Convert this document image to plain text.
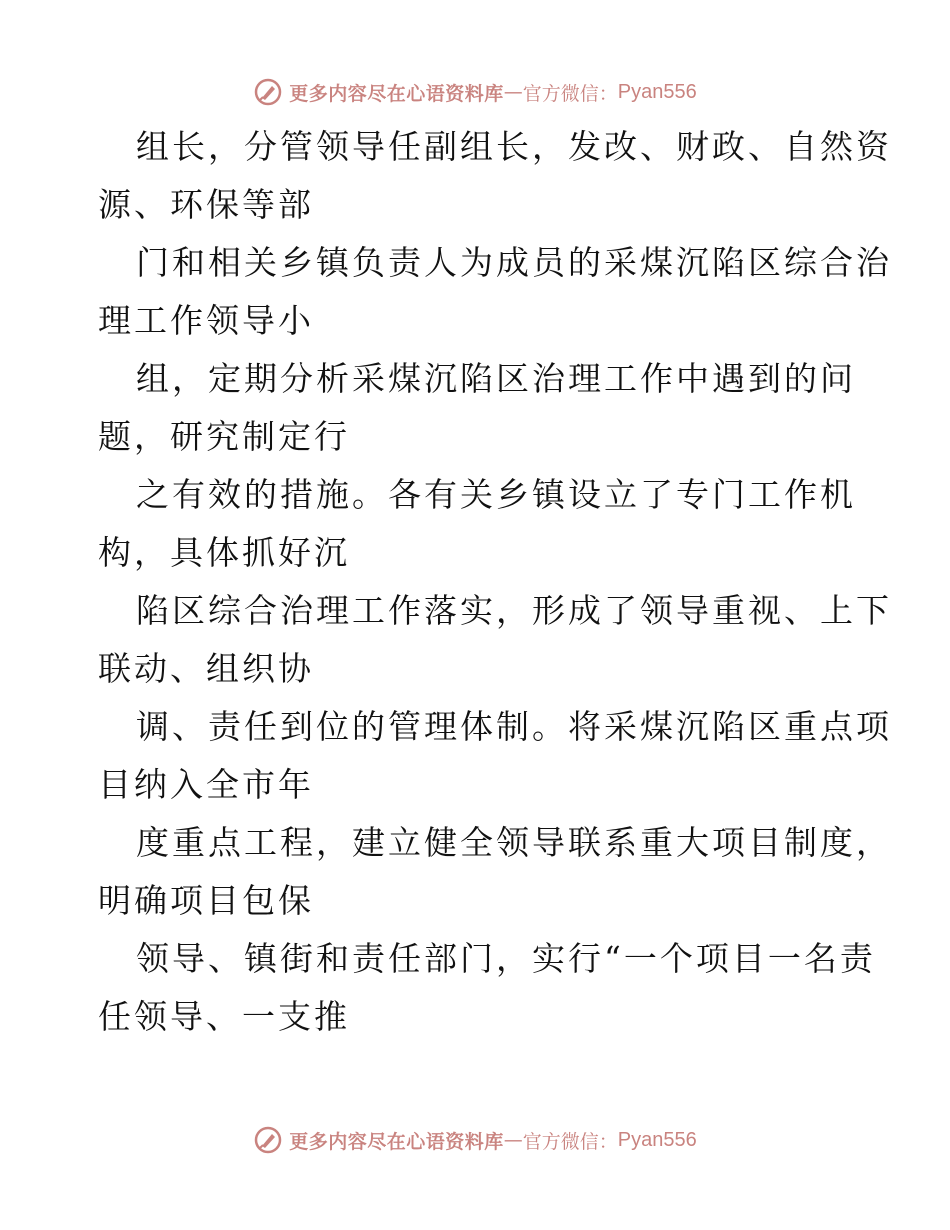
更多内容尽在心语资料库 — 官方微信： Pyan556
组长，分管领导任副组长，发改、财政、自然资
源、环保等部
门和相关乡镇负责人为成员的采煤沉陷区综合治
理工作领导小
组，定期分析采煤沉陷区治理工作中遇到的问
题，研究制定行
之有效的措施。各有关乡镇设立了专门工作机
构，具体抓好沉
陷区综合治理工作落实，形成了领导重视、上下
联动、组织协
调、责任到位的管理体制。将采煤沉陷区重点项
目纳入全市年
度重点工程，建立健全领导联系重大项目制度，
明确项目包保
领导、镇街和责任部门，实行“一个项目一名责
任领导、一支推
更多内容尽在心语资料库 — 官方微信： Pyan556
